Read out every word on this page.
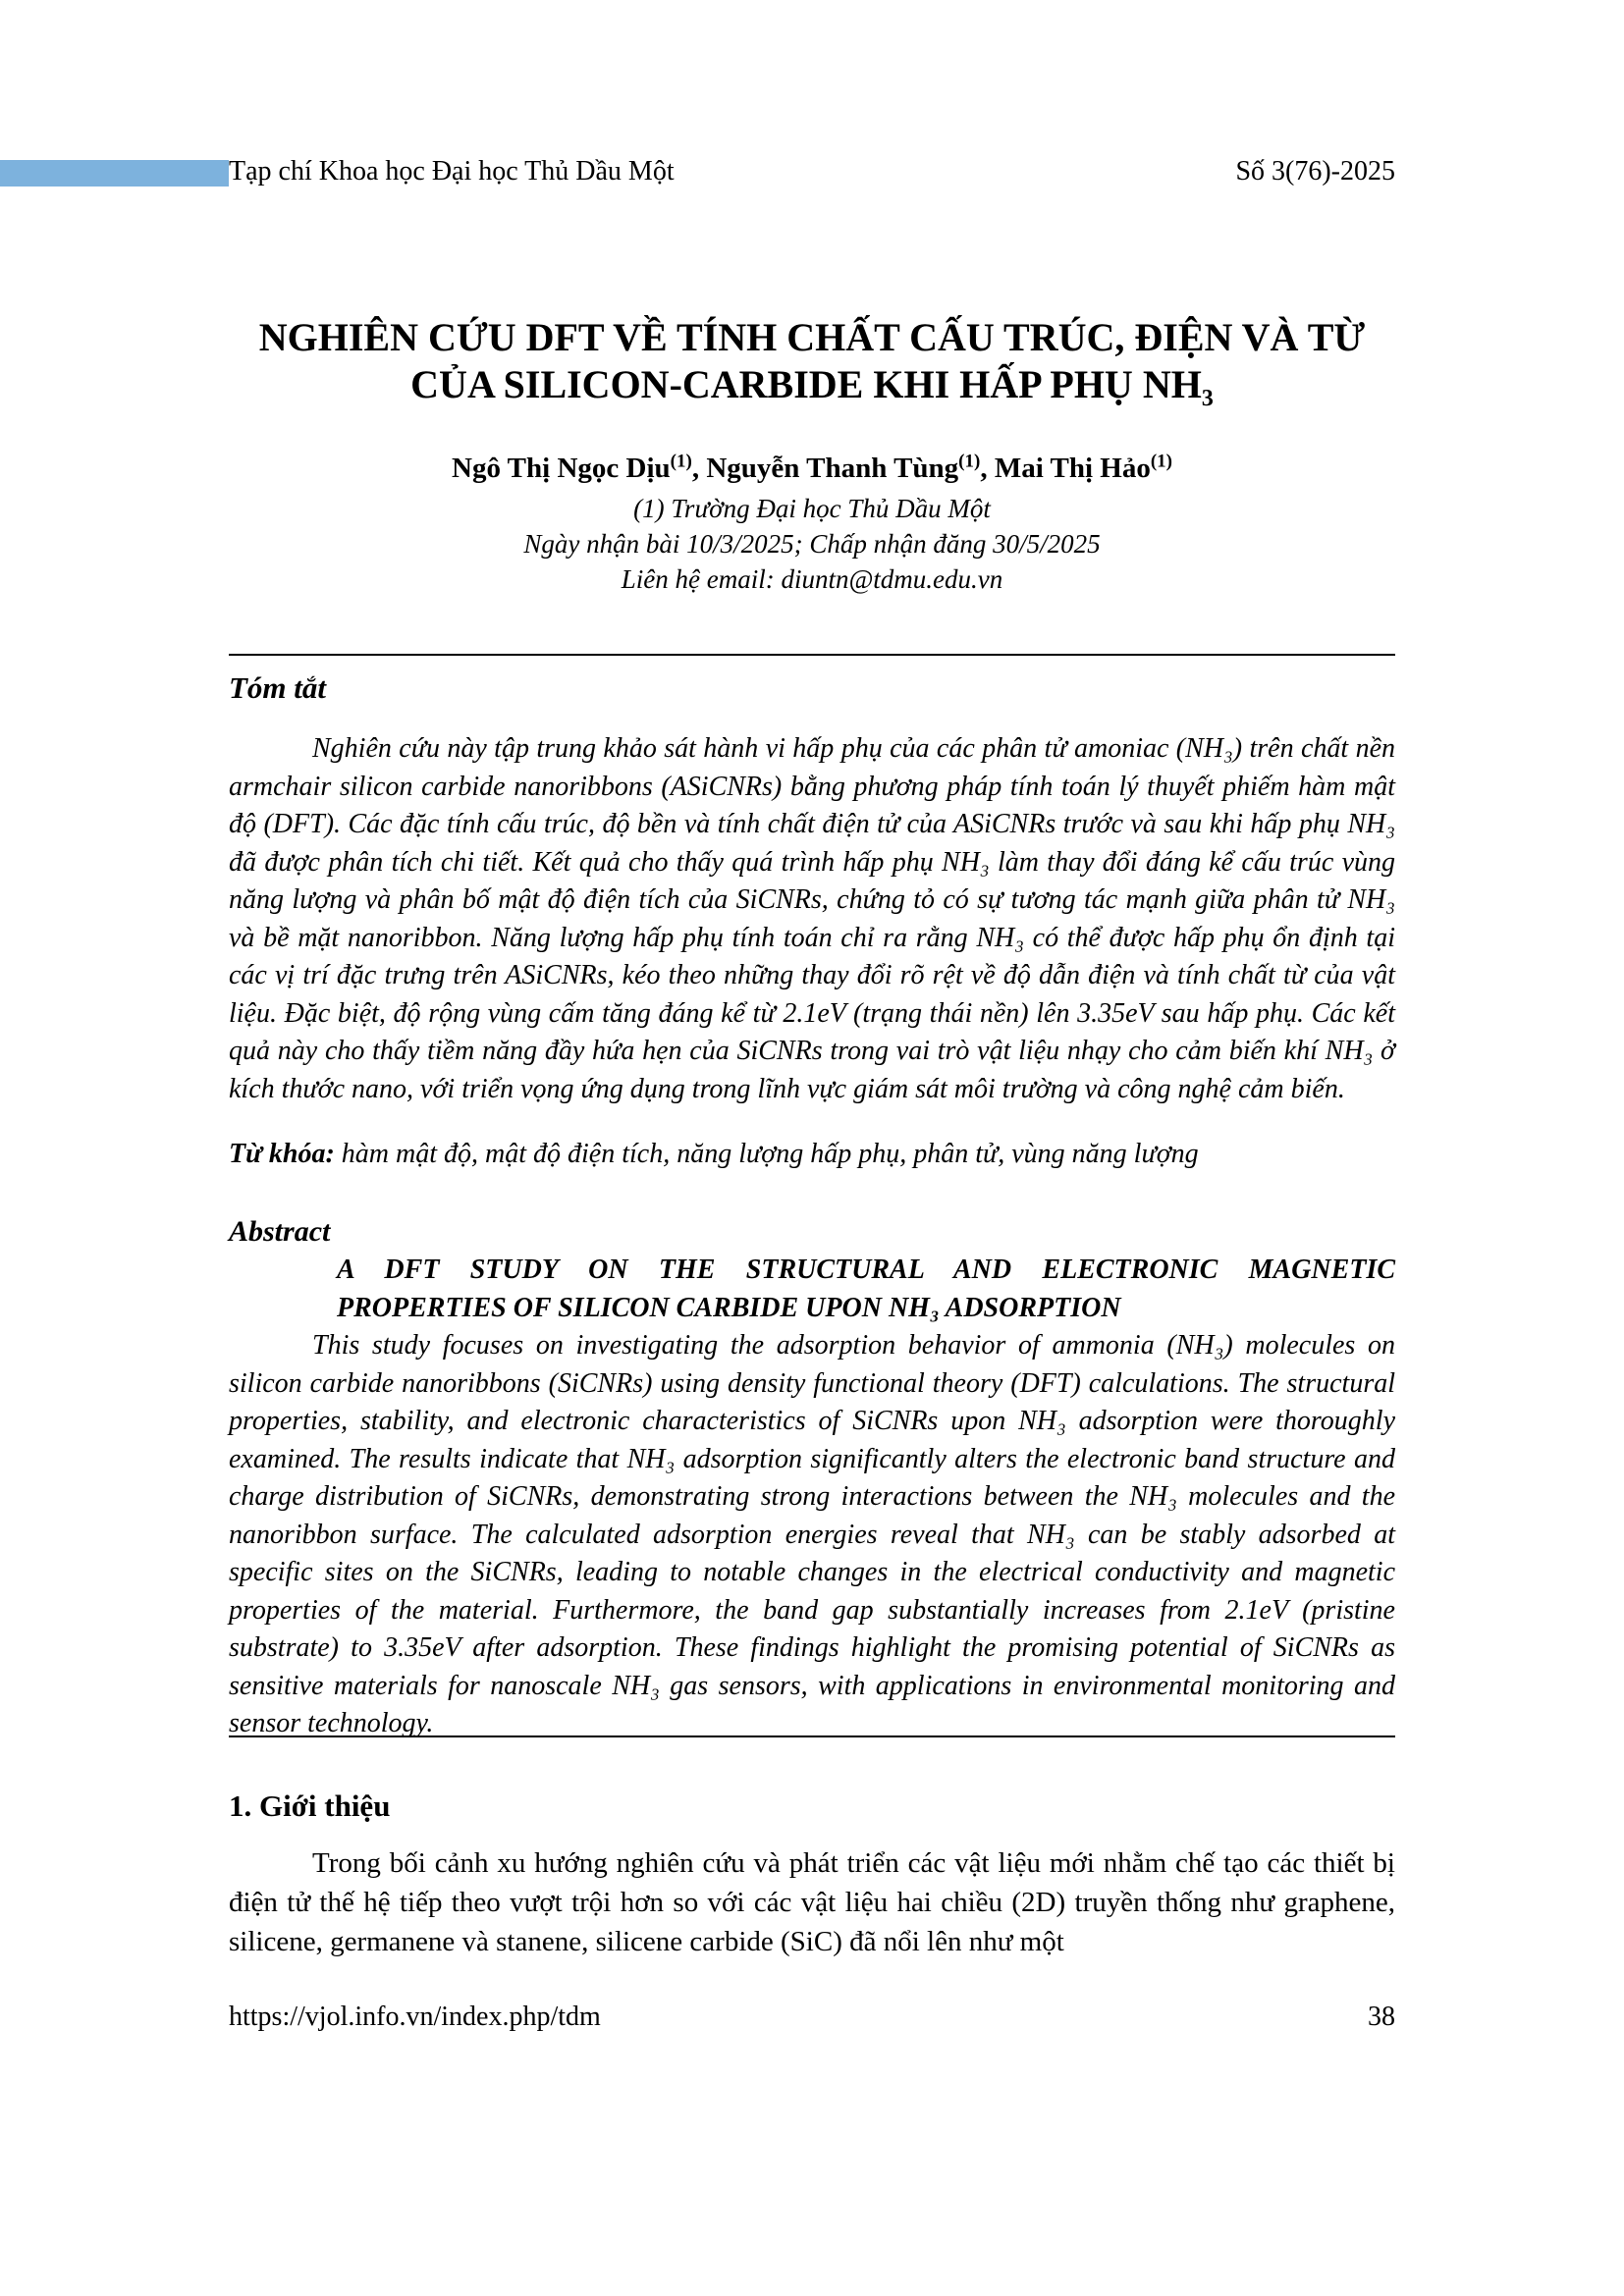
Tạp chí Khoa học Đại học Thủ Dầu Một	Số 3(76)-2025
NGHIÊN CỨU DFT VỀ TÍNH CHẤT CẤU TRÚC, ĐIỆN VÀ TỪ
CỦA SILICON-CARBIDE KHI HẤP PHỤ NH₃
Ngô Thị Ngọc Dịu$^{(1)}$, Nguyễn Thanh Tùng$^{(1)}$, Mai Thị Hảo$^{(1)}$
(1) Trường Đại học Thủ Dầu Một
Ngày nhận bài 10/3/2025; Chấp nhận đăng 30/5/2025
Liên hệ email: diuntn@tdmu.edu.vn
Tóm tắt

Nghiên cứu này tập trung khảo sát hành vi hấp phụ của các phân tử amoniac (NH₃) trên chất nền armchair silicon carbide nanoribbons (ASiCNRs) bằng phương pháp tính toán lý thuyết phiếm hàm mật độ (DFT). Các đặc tính cấu trúc, độ bền và tính chất điện tử của ASiCNRs trước và sau khi hấp phụ NH₃ đã được phân tích chi tiết. Kết quả cho thấy quá trình hấp phụ NH₃ làm thay đổi đáng kể cấu trúc vùng năng lượng và phân bố mật độ điện tích của SiCNRs, chứng tỏ có sự tương tác mạnh giữa phân tử NH₃ và bề mặt nanoribbon. Năng lượng hấp phụ tính toán chỉ ra rằng NH₃ có thể được hấp phụ ổn định tại các vị trí đặc trưng trên ASiCNRs, kéo theo những thay đổi rõ rệt về độ dẫn điện và tính chất từ của vật liệu. Đặc biệt, độ rộng vùng cấm tăng đáng kể từ 2.1eV (trạng thái nền) lên 3.35eV sau hấp phụ. Các kết quả này cho thấy tiềm năng đầy hứa hẹn của SiCNRs trong vai trò vật liệu nhạy cho cảm biến khí NH₃ ở kích thước nano, với triển vọng ứng dụng trong lĩnh vực giám sát môi trường và công nghệ cảm biến.

Từ khóa: hàm mật độ, mật độ điện tích, năng lượng hấp phụ, phân tử, vùng năng lượng

Abstract
A DFT STUDY ON THE STRUCTURAL AND ELECTRONIC MAGNETIC
PROPERTIES OF SILICON CARBIDE UPON NH₃ ADSORPTION

This study focuses on investigating the adsorption behavior of ammonia (NH₃) molecules on silicon carbide nanoribbons (SiCNRs) using density functional theory (DFT) calculations. The structural properties, stability, and electronic characteristics of SiCNRs upon NH₃ adsorption were thoroughly examined. The results indicate that NH₃ adsorption significantly alters the electronic band structure and charge distribution of SiCNRs, demonstrating strong interactions between the NH₃ molecules and the nanoribbon surface. The calculated adsorption energies reveal that NH₃ can be stably adsorbed at specific sites on the SiCNRs, leading to notable changes in the electrical conductivity and magnetic properties of the material. Furthermore, the band gap substantially increases from 2.1eV (pristine substrate) to 3.35eV after adsorption. These findings highlight the promising potential of SiCNRs as sensitive materials for nanoscale NH₃ gas sensors, with applications in environmental monitoring and sensor technology.

1. Giới thiệu

Trong bối cảnh xu hướng nghiên cứu và phát triển các vật liệu mới nhằm chế tạo các thiết bị điện tử thế hệ tiếp theo vượt trội hơn so với các vật liệu hai chiều (2D) truyền thống như graphene, silicene, germanene và stanene, silicene carbide (SiC) đã nổi lên như một

https://vjol.info.vn/index.php/tdm	38
